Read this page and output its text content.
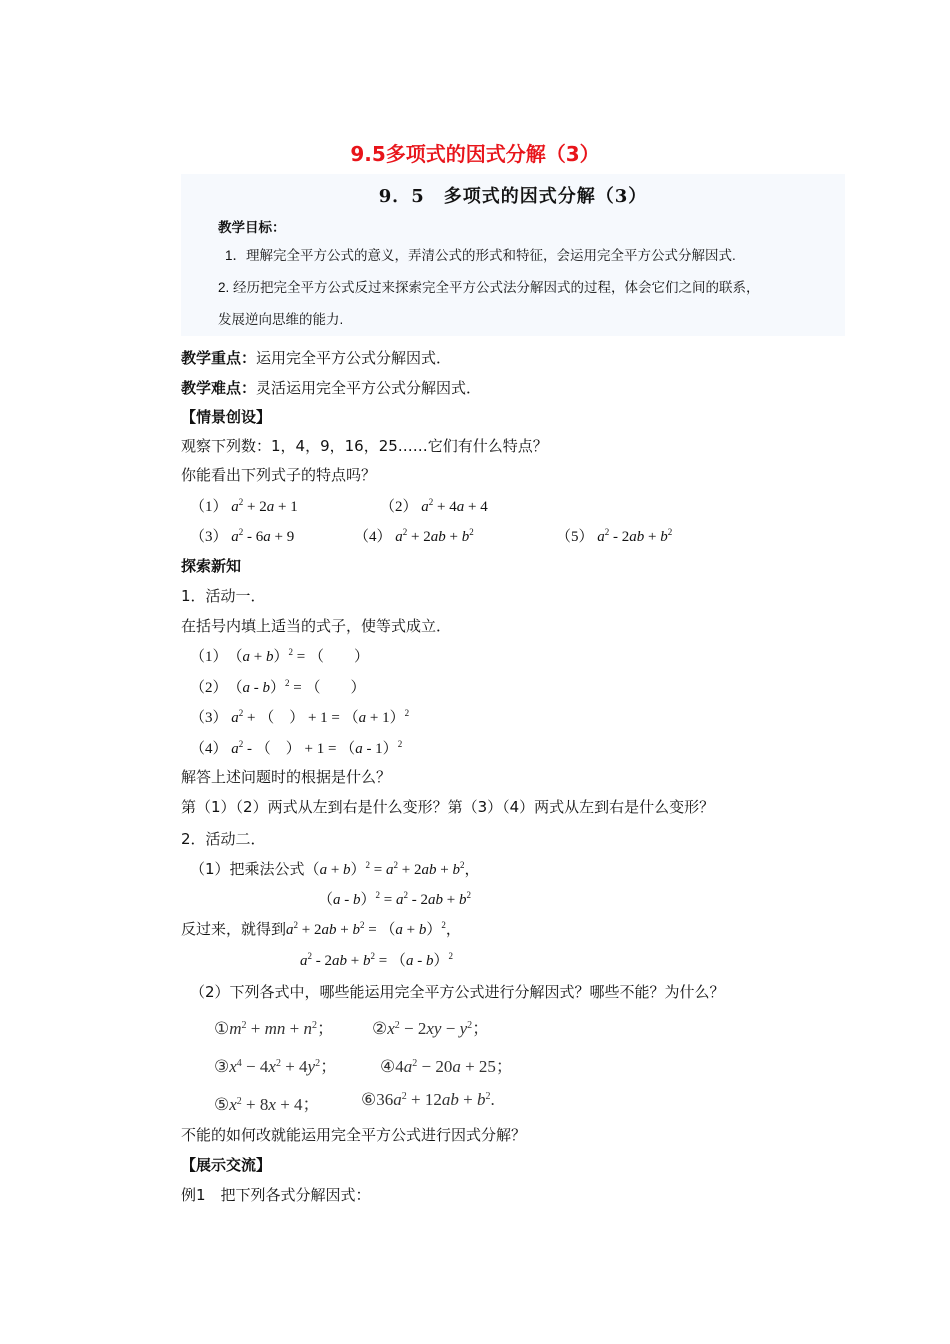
9.5多项式的因式分解（3）
9．5　多项式的因式分解（3）
教学目标：
1．理解完全平方公式的意义，弄清公式的形式和特征，会运用完全平方公式分解因式.
2. 经历把完全平方公式反过来探索完全平方公式法分解因式的过程，体会它们之间的联系，
发展逆向思维的能力.
教学重点：运用完全平方公式分解因式．
教学难点：灵活运用完全平方公式分解因式．
【情景创设】
观察下列数：1，4，9，16，25……它们有什么特点？
你能看出下列式子的特点吗？
（1） $a^2 + 2a + 1$	（2） $a^2 + 4a + 4$
（3） $a^2 - 6a + 9$	（4） $a^2 + 2ab + b^2$	（5） $a^2 - 2ab + b^2$
探索新知
1．活动一．
在括号内填上适当的式子，使等式成立．
（1）　$(a + b)^2$ = （　　）
（2）　（a - b）$^2$ = （　　）
（3） $a^2$ + （　） + $1 = (a + 1)^2$
（4） $a^2$ - （　） + 1 = （a - 1）$^2$
解答上述问题时的根据是什么？
第（1）（2）两式从左到右是什么变形？第（3）（4）两式从左到右是什么变形？
2．活动二．
（1）把乘法公式$(a + b)^2 = a^2 + 2ab + b^2$，
$(a - b)^2 = a^2 - 2ab + b^2$
反过来，就得到$a^2 + 2ab + b^2 = (a + b)^2$，
$a^2 - 2ab + b^2 = (a - b)^2$
（2）下列各式中，哪些能运用完全平方公式进行分解因式？哪些不能？为什么？
$①m^2$ + mn + $n^2$； $②x^2 - 2xy - y^2$；
$③x^4 - 4x^2 + 4y^2$；	$④4a^2 - 20a + 25$；
$⑤x^2 + 8x + 4$； $⑥36a^2 + 12ab + b^2$.
不能的如何改就能运用完全平方公式进行因式分解？
【展示交流】
例1　把下列各式分解因式：
